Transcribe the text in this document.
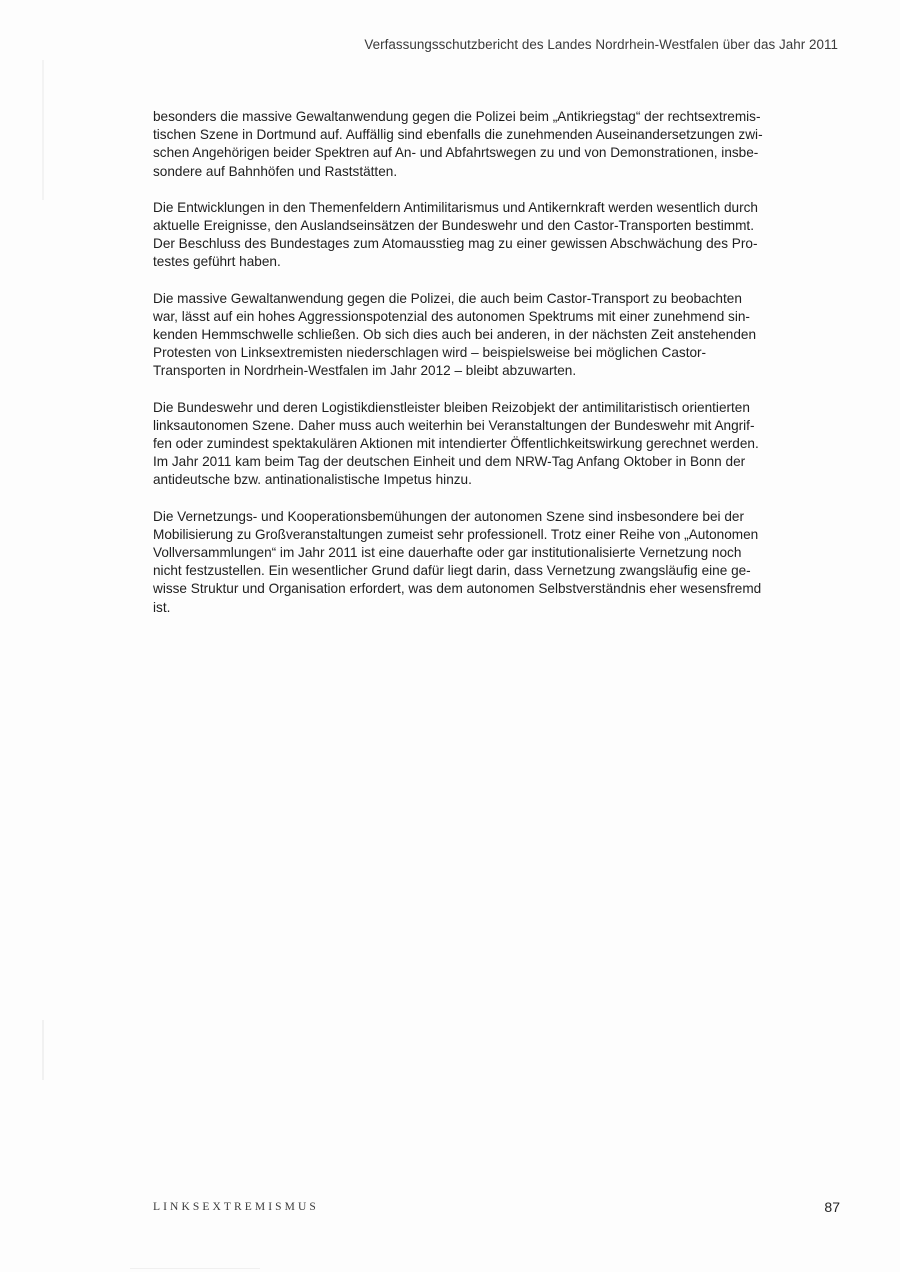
Verfassungsschutzbericht des Landes Nordrhein-Westfalen über das Jahr 2011

besonders die massive Gewaltanwendung gegen die Polizei beim „Antikriegstag“ der rechtsextremis-
tischen Szene in Dortmund auf. Auffällig sind ebenfalls die zunehmenden Auseinandersetzungen zwi-
schen Angehörigen beider Spektren auf An- und Abfahrtswegen zu und von Demonstrationen, insbe-
sondere auf Bahnhöfen und Raststätten.

Die Entwicklungen in den Themenfeldern Antimilitarismus und Antikernkraft werden wesentlich durch
aktuelle Ereignisse, den Auslandseinsätzen der Bundeswehr und den Castor-Transporten bestimmt.
Der Beschluss des Bundestages zum Atomausstieg mag zu einer gewissen Abschwächung des Pro-
testes geführt haben.

Die massive Gewaltanwendung gegen die Polizei, die auch beim Castor-Transport zu beobachten
war, lässt auf ein hohes Aggressionspotenzial des autonomen Spektrums mit einer zunehmend sin-
kenden Hemmschwelle schließen. Ob sich dies auch bei anderen, in der nächsten Zeit anstehenden
Protesten von Linksextremisten niederschlagen wird – beispielsweise bei möglichen Castor-
Transporten in Nordrhein-Westfalen im Jahr 2012 – bleibt abzuwarten.

Die Bundeswehr und deren Logistikdienstleister bleiben Reizobjekt der antimilitaristisch orientierten
linksautonomen Szene. Daher muss auch weiterhin bei Veranstaltungen der Bundeswehr mit Angrif-
fen oder zumindest spektakulären Aktionen mit intendierter Öffentlichkeitswirkung gerechnet werden.
Im Jahr 2011 kam beim Tag der deutschen Einheit und dem NRW-Tag Anfang Oktober in Bonn der
antideutsche bzw. antinationalistische Impetus hinzu.

Die Vernetzungs- und Kooperationsbemühungen der autonomen Szene sind insbesondere bei der
Mobilisierung zu Großveranstaltungen zumeist sehr professionell. Trotz einer Reihe von „Autonomen
Vollversammlungen“ im Jahr 2011 ist eine dauerhafte oder gar institutionalisierte Vernetzung noch
nicht festzustellen. Ein wesentlicher Grund dafür liegt darin, dass Vernetzung zwangsläufig eine ge-
wisse Struktur und Organisation erfordert, was dem autonomen Selbstverständnis eher wesensfremd
ist.

LINKSEXTREMISMUS	87
